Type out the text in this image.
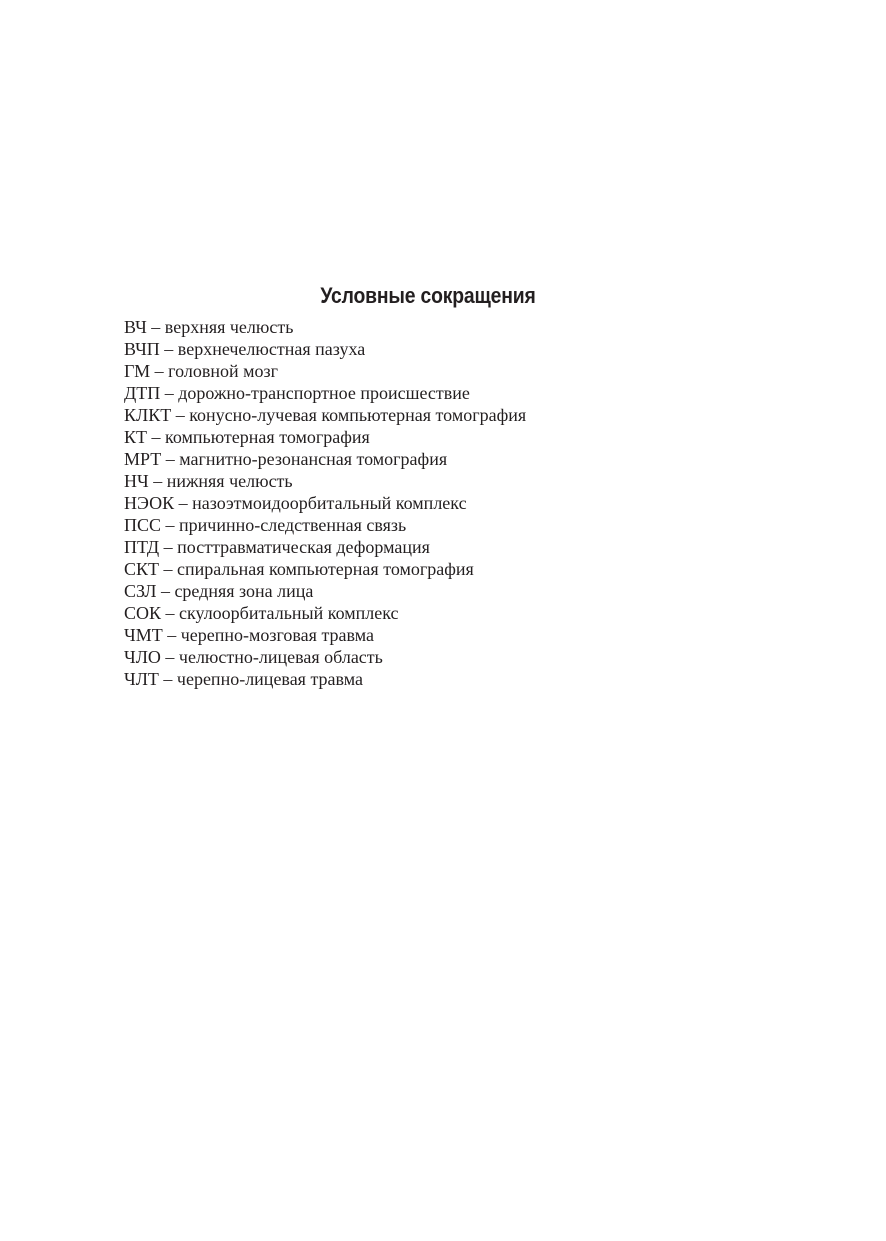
Условные сокращения
ВЧ – верхняя челюсть
ВЧП – верхнечелюстная пазуха
ГМ – головной мозг
ДТП – дорожно-транспортное происшествие
КЛКТ – конусно-лучевая компьютерная томография
КТ – компьютерная томография
МРТ – магнитно-резонансная томография
НЧ – нижняя челюсть
НЭОК – назоэтмоидоорбитальный комплекс
ПСС – причинно-следственная связь
ПТД – посттравматическая деформация
СКТ – спиральная компьютерная томография
СЗЛ – средняя зона лица
СОК – скулоорбитальный комплекс
ЧМТ – черепно-мозговая травма
ЧЛО – челюстно-лицевая область
ЧЛТ – черепно-лицевая травма
